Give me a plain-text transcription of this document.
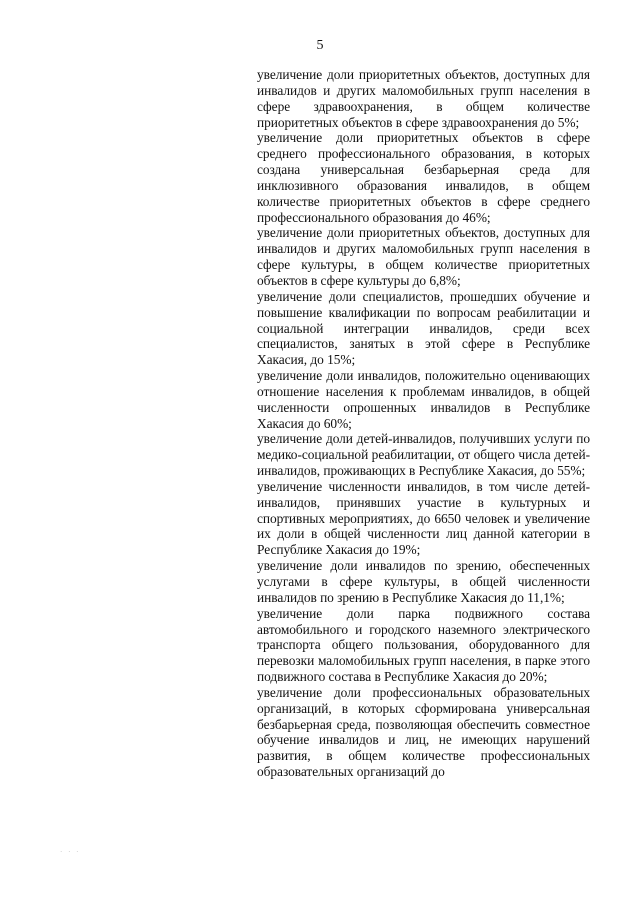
5

увеличение доли приоритетных объектов, доступных для инвалидов и других маломобильных групп населения в сфере здравоохранения, в общем количестве приоритетных объектов в сфере здравоохранения до 5%;

увеличение доли приоритетных объектов в сфере среднего профессионального образования, в которых создана универсальная безбарьерная среда для инклюзивного образования инвалидов, в общем количестве приоритетных объектов в сфере среднего профессионального образования до 46%;

увеличение доли приоритетных объектов, доступных для инвалидов и других маломобильных групп населения в сфере культуры, в общем количестве приоритетных объектов в сфере культуры до 6,8%;

увеличение доли специалистов, прошедших обучение и повышение квалификации по вопросам реабилитации и социальной интеграции инвалидов, среди всех специалистов, занятых в этой сфере в Республике Хакасия, до 15%;

увеличение доли инвалидов, положительно оценивающих отношение населения к проблемам инвалидов, в общей численности опрошенных инвалидов в Республике Хакасия до 60%;

увеличение доли детей-инвалидов, получивших услуги по медико-социальной реабилитации, от общего числа детей-инвалидов, проживающих в Республике Хакасия, до 55%;

увеличение численности инвалидов, в том числе детей-инвалидов, принявших участие в культурных и спортивных мероприятиях, до 6650 человек и увеличение их доли в общей численности лиц данной категории в Республике Хакасия до 19%;

увеличение доли инвалидов по зрению, обеспеченных услугами в сфере культуры, в общей численности инвалидов по зрению в Республике Хакасия до 11,1%;

увеличение доли парка подвижного состава автомобильного и городского наземного электрического транспорта общего пользования, оборудованного для перевозки маломобильных групп населения, в парке этого подвижного состава в Республике Хакасия до 20%;

увеличение доли профессиональных образовательных организаций, в которых сформирована универсальная безбарьерная среда, позволяющая обеспечить совместное обучение инвалидов и лиц, не имеющих нарушений развития, в общем количестве профессиональных образовательных организаций до

· · ·
